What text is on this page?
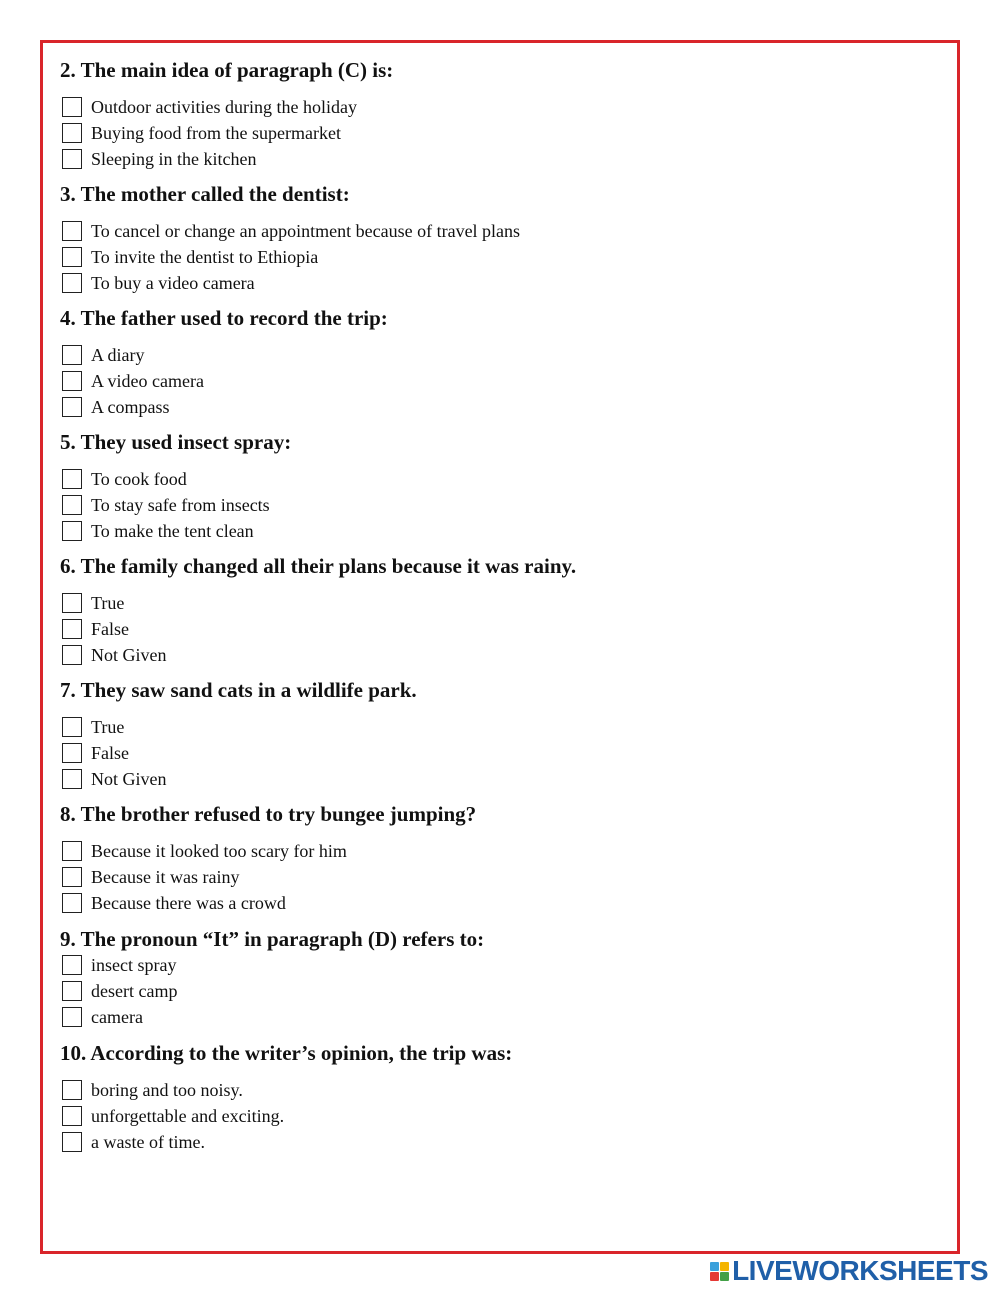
2. The main idea of paragraph (C) is:
Outdoor activities during the holiday
Buying food from the supermarket
Sleeping in the kitchen
3. The mother called the dentist:
To cancel or change an appointment because of travel plans
To invite the dentist to Ethiopia
To buy a video camera
4. The father used to record the trip:
A diary
A video camera
A compass
5. They used insect spray:
To cook food
To stay safe from insects
To make the tent clean
6. The family changed all their plans because it was rainy.
True
False
Not Given
7. They saw sand cats in a wildlife park.
True
False
Not Given
8. The brother refused to try bungee jumping?
Because it looked too scary for him
Because it was rainy
Because there was a crowd
9. The pronoun “It” in paragraph (D) refers to:
insect spray
desert camp
camera
10. According to the writer’s opinion, the trip was:
boring and too noisy.
unforgettable and exciting.
a waste of time.
LIVEWORKSHEETS
